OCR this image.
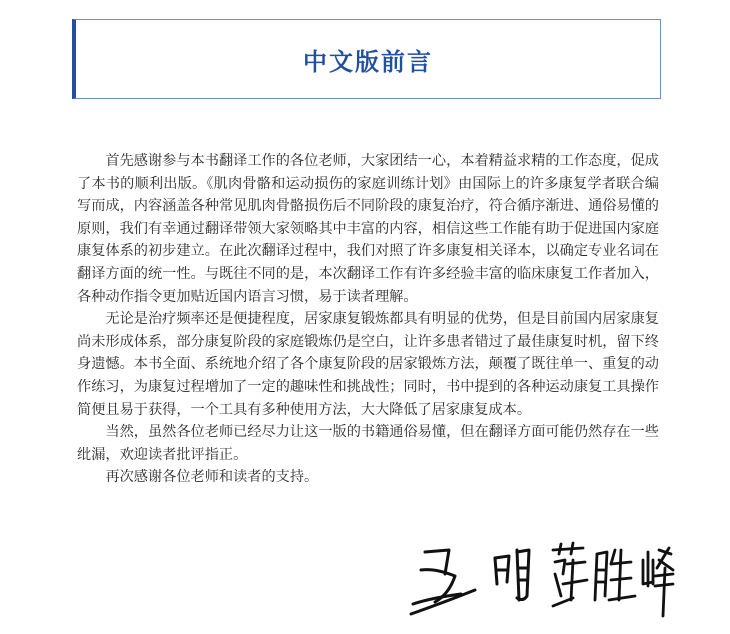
中文版前言

首先感谢参与本书翻译工作的各位老师，大家团结一心，本着精益求精的工作态度，促成了本书的顺利出版。《肌肉骨骼和运动损伤的家庭训练计划》由国际上的许多康复学者联合编写而成，内容涵盖各种常见肌肉骨骼损伤后不同阶段的康复治疗，符合循序渐进、通俗易懂的原则，我们有幸通过翻译带领大家领略其中丰富的内容，相信这些工作能有助于促进国内家庭康复体系的初步建立。在此次翻译过程中，我们对照了许多康复相关译本，以确定专业名词在翻译方面的统一性。与既往不同的是，本次翻译工作有许多经验丰富的临床康复工作者加入，各种动作指令更加贴近国内语言习惯，易于读者理解。

无论是治疗频率还是便捷程度，居家康复锻炼都具有明显的优势，但是目前国内居家康复尚未形成体系，部分康复阶段的家庭锻炼仍是空白，让许多患者错过了最佳康复时机，留下终身遗憾。本书全面、系统地介绍了各个康复阶段的居家锻炼方法，颠覆了既往单一、重复的动作练习，为康复过程增加了一定的趣味性和挑战性；同时，书中提到的各种运动康复工具操作简便且易于获得，一个工具有多种使用方法，大大降低了居家康复成本。

当然，虽然各位老师已经尽力让这一版的书籍通俗易懂，但在翻译方面可能仍然存在一些纰漏，欢迎读者批评指正。

再次感谢各位老师和读者的支持。
